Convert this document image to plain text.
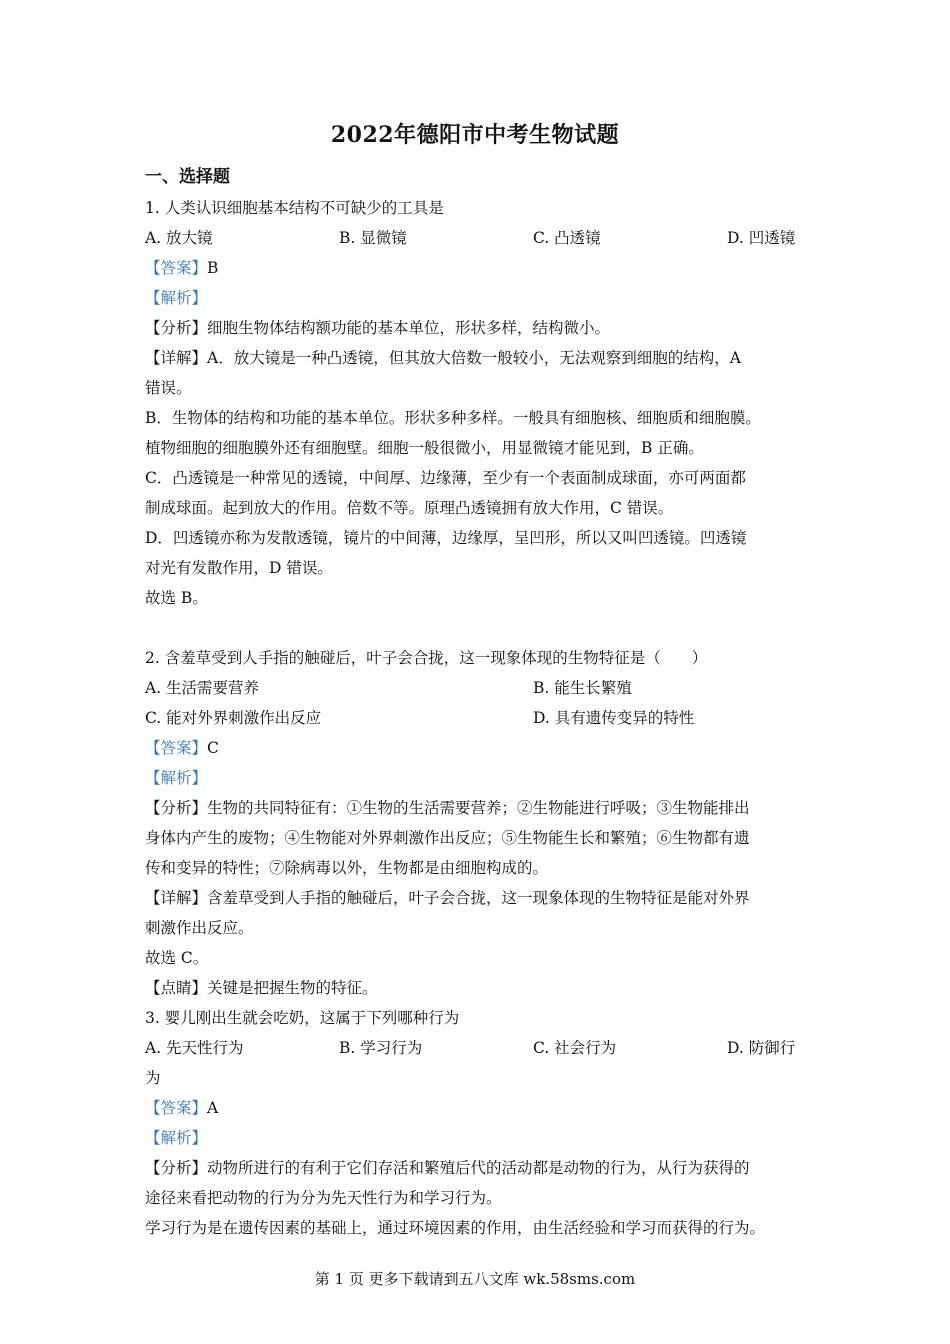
2022年德阳市中考生物试题
一、选择题

1. 人类认识细胞基本结构不可缺少的工具是

A. 放大镜	B. 显微镜	C. 凸透镜	D. 凹透镜

【答案】B

【解析】

【分析】细胞生物体结构额功能的基本单位，形状多样，结构微小。

【详解】A．放大镜是一种凸透镜，但其放大倍数一般较小，无法观察到细胞的结构，A

错误。

B．生物体的结构和功能的基本单位。形状多种多样。一般具有细胞核、细胞质和细胞膜。

植物细胞的细胞膜外还有细胞壁。细胞一般很微小，用显微镜才能见到，B 正确。

C．凸透镜是一种常见的透镜，中间厚、边缘薄，至少有一个表面制成球面，亦可两面都

制成球面。起到放大的作用。倍数不等。原理凸透镜拥有放大作用，C 错误。

D．凹透镜亦称为发散透镜，镜片的中间薄，边缘厚，呈凹形，所以又叫凹透镜。凹透镜

对光有发散作用，D 错误。

故选 B。

2. 含羞草受到人手指的触碰后，叶子会合拢，这一现象体现的生物特征是（　　）

A. 生活需要营养	B. 能生长繁殖
C. 能对外界刺激作出反应	D. 具有遗传变异的特性

【答案】C

【解析】

【分析】生物的共同特征有：①生物的生活需要营养；②生物能进行呼吸；③生物能排出

身体内产生的废物；④生物能对外界刺激作出反应；⑤生物能生长和繁殖；⑥生物都有遗

传和变异的特性；⑦除病毒以外，生物都是由细胞构成的。

【详解】含羞草受到人手指的触碰后，叶子会合拢，这一现象体现的生物特征是能对外界

刺激作出反应。

故选 C。

【点睛】关键是把握生物的特征。

3. 婴儿刚出生就会吃奶，这属于下列哪种行为

A. 先天性行为	B. 学习行为	C. 社会行为	D. 防御行

为

【答案】A

【解析】

【分析】动物所进行的有利于它们存活和繁殖后代的活动都是动物的行为，从行为获得的

途径来看把动物的行为分为先天性行为和学习行为。

学习行为是在遗传因素的基础上，通过环境因素的作用，由生活经验和学习而获得的行为。

第 1 页 更多下载请到五八文库 wk.58sms.com
